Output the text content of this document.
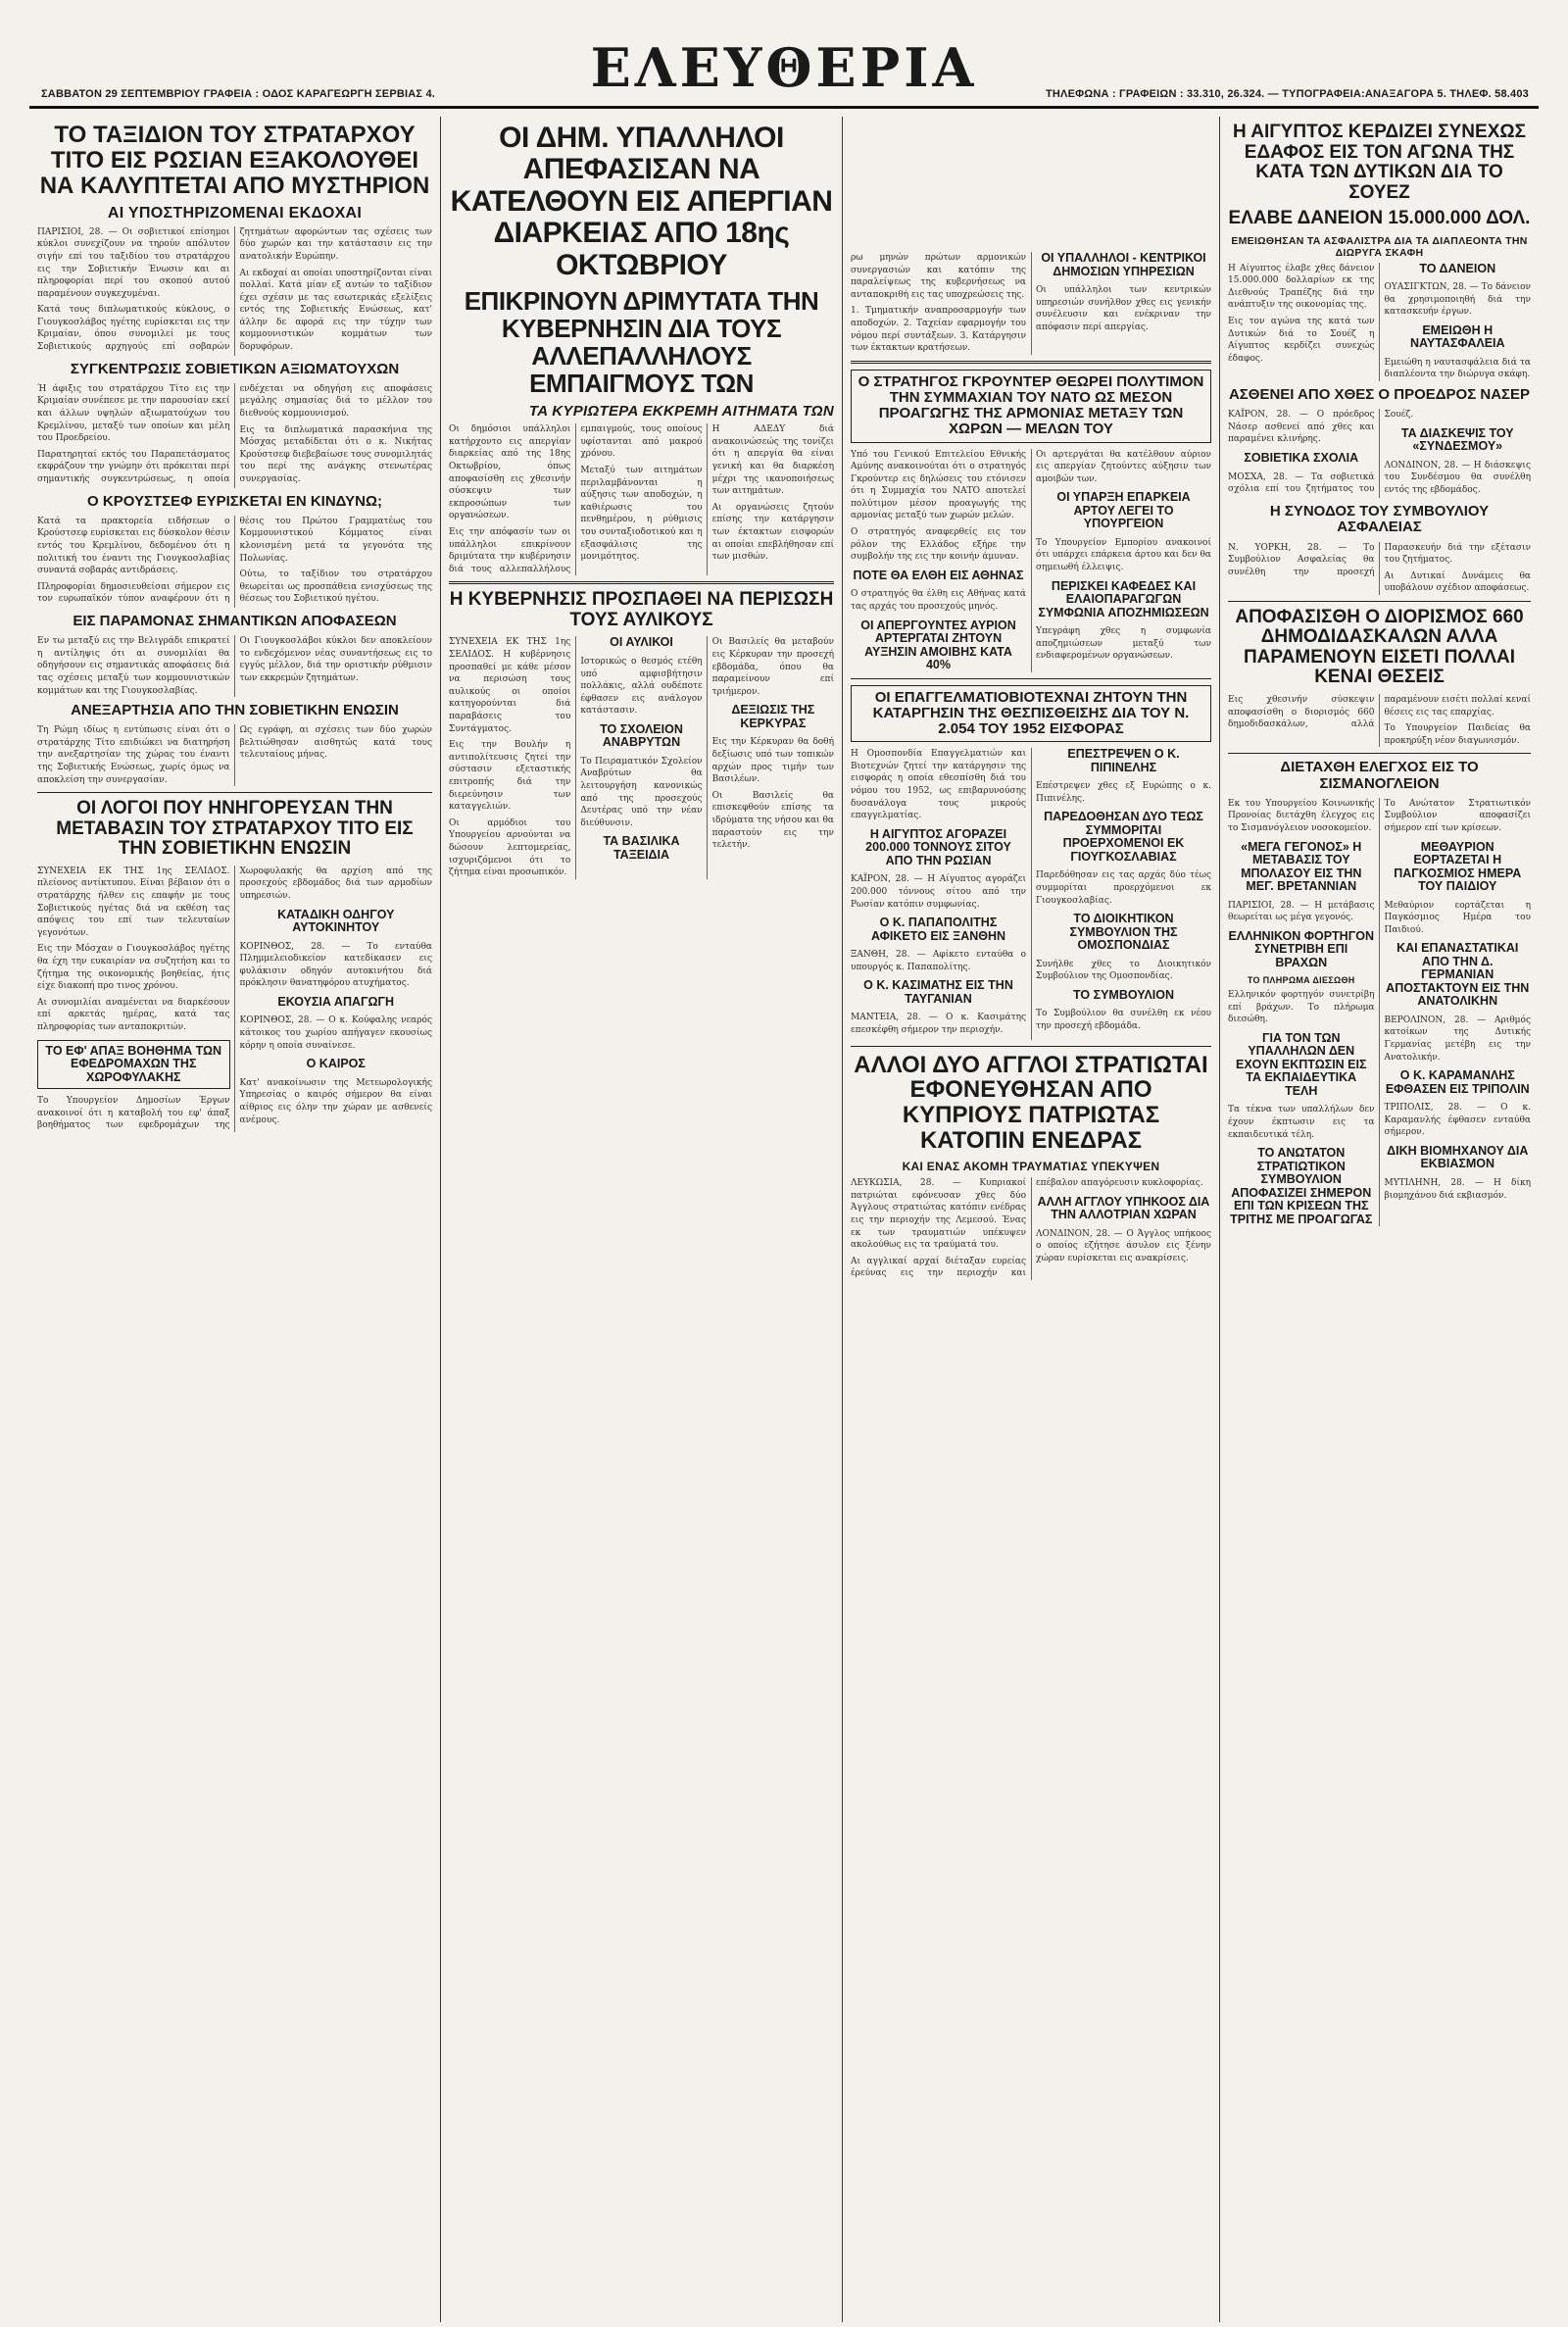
ΕΛΕΥΘΕΡΙΑ
ΣΑΒΒΑΤΟΝ 29 ΣΕΠΤΕΜΒΡΙΟΥ ΓΡΑΦΕΙΑ : ΟΔΟΣ ΚΑΡΑΓΕΩΡΓΗ ΣΕΡΒΙΑΣ 4.	ΤΗΛΕΦΩΝΑ : ΓΡΑΦΕΙΩΝ : 33.310, 26.324. — ΤΥΠΟΓΡΑΦΕΙΑ:ΑΝΑΞΑΓΟΡΑ 5. ΤΗΛΕΦ. 58.403
ΤΟ ΤΑΞΙΔΙΟΝ ΤΟΥ ΣΤΡΑΤΑΡΧΟΥ ΤΙΤΟ ΕΙΣ ΡΩΣΙΑΝ ΕΞΑΚΟΛΟΥΘΕΙ ΝΑ ΚΑΛΥΠΤΕΤΑΙ ΑΠΟ ΜΥΣΤΗΡΙΟΝ
ΑΙ ΥΠΟΣΤΗΡΙΖΟΜΕΝΑΙ ΕΚΔΟΧΑΙ

ΠΑΡΙΣΙΟΙ, 28. — Οι σοβιετικοί επίσημοι κύκλοι συνεχίζουν να τηρούν απόλυτον σιγήν επί του ταξιδίου του στρατάρχου εις την Σοβιετικήν Ένωσιν και αι πληροφορίαι περί του σκοπού αυτού παραμένουν συγκεχυμέναι.

Κατά τους διπλωματικούς κύκλους, ο Γιουγκοσλάβος ηγέτης ευρίσκεται εις την Κριμαίαν, όπου συνομιλεί με τους Σοβιετικούς αρχηγούς επί σοβαρών ζητημάτων αφορώντων τας σχέσεις των δύο χωρών και την κατάστασιν εις την ανατολικήν Ευρώπην.

Αι εκδοχαί αι οποίαι υποστηρίζονται είναι πολλαί. Κατά μίαν εξ αυτών το ταξίδιον έχει σχέσιν με τας εσωτερικάς εξελίξεις εντός της Σοβιετικής Ενώσεως, κατ' άλλην δε αφορά εις την τύχην των κομμουνιστικών κομμάτων των δορυφόρων.

ΣΥΓΚΕΝΤΡΩΣΙΣ ΣΟΒΙΕΤΙΚΩΝ ΑΞΙΩΜΑΤΟΥΧΩΝ

Ή άφιξις του στρατάρχου Τίτο εις την Κριμαίαν συνέπεσε με την παρουσίαν εκεί και άλλων υψηλών αξιωματούχων του Κρεμλίνου, μεταξύ των οποίων και μέλη του Προεδρείου.

Παρατηρηταί εκτός του Παραπετάσματος εκφράζουν την γνώμην ότι πρόκειται περί σημαντικής συγκεντρώσεως, η οποία ενδέχεται να οδηγήση εις αποφάσεις μεγάλης σημασίας διά το μέλλον του διεθνούς κομμουνισμού.

Εις τα διπλωματικά παρασκήνια της Μόσχας μεταδίδεται ότι ο κ. Νικήτας Κρούστσεφ διεβεβαίωσε τους συνομιλητάς του περί της ανάγκης στενωτέρας συνεργασίας.

Ο ΚΡΟΥΣΤΣΕΦ ΕΥΡΙΣΚΕΤΑΙ ΕΝ ΚΙΝΔΥΝΩ;

Κατά τα πρακτορεία ειδήσεων ο Κρούστσεφ ευρίσκεται εις δύσκολον θέσιν εντός του Κρεμλίνου, δεδομένου ότι η πολιτική του έναντι της Γιουγκοσλαβίας συναντά σοβαράς αντιδράσεις.

Πληροφορίαι δημοσιευθείσαι σήμερον εις τον ευρωπαϊκόν τύπον αναφέρουν ότι η θέσις του Πρώτου Γραμματέως του Κομμουνιστικού Κόμματος είναι κλονισμένη μετά τα γεγονότα της Πολωνίας.

Ούτω, το ταξίδιον του στρατάρχου θεωρείται ως προσπάθεια ενισχύσεως της θέσεως του Σοβιετικού ηγέτου.

ΕΙΣ ΠΑΡΑΜΟΝΑΣ ΣΗΜΑΝΤΙΚΩΝ ΑΠΟΦΑΣΕΩΝ

Εν τω μεταξύ εις την Βελιγράδι επικρατεί η αντίληψις ότι αι συνομιλίαι θα οδηγήσουν εις σημαντικάς αποφάσεις διά τας σχέσεις μεταξύ των κομμουνιστικών κομμάτων και της Γιουγκοσλαβίας.

Οι Γιουγκοσλάβοι κύκλοι δεν αποκλείουν το ενδεχόμενον νέας συναντήσεως εις το εγγύς μέλλον, διά την οριστικήν ρύθμισιν των εκκρεμών ζητημάτων.

ΑΝΕΞΑΡΤΗΣΙΑ ΑΠΟ ΤΗΝ ΣΟΒΙΕΤΙΚΗΝ ΕΝΩΣΙΝ

Τη Ρώμη ιδίως η εντύπωσις είναι ότι ο στρατάρχης Τίτο επιδιώκει να διατηρήση την ανεξαρτησίαν της χώρας του έναντι της Σοβιετικής Ενώσεως, χωρίς όμως να αποκλείση την συνεργασίαν.

Ως εγράφη, αι σχέσεις των δύο χωρών βελτιώθησαν αισθητώς κατά τους τελευταίους μήνας.

ΟΙ ΛΟΓΟΙ ΠΟΥ ΗΝΗΓΟΡΕΥΣΑΝ ΤΗΝ ΜΕΤΑΒΑΣΙΝ ΤΟΥ ΣΤΡΑΤΑΡΧΟΥ ΤΙΤΟ ΕΙΣ ΤΗΝ ΣΟΒΙΕΤΙΚΗΝ ΕΝΩΣΙΝ

ΣΥΝΕΧΕΙΑ ΕΚ ΤΗΣ 1ης ΣΕΛΙΔΟΣ. πλείονος αντίκτυπου. Είναι βέβαιον ότι ο στρατάρχης ήλθεν εις επαφήν με τους Σοβιετικούς ηγέτας διά να εκθέση τας απόψεις του επί των τελευταίων γεγονότων.

Εις την Μόσχαν ο Γιουγκοσλάβος ηγέτης θα έχη την ευκαιρίαν να συζητήση και το ζήτημα της οικονομικής βοηθείας, ήτις είχε διακοπή προ τινος χρόνου.

Αι συνομιλίαι αναμένεται να διαρκέσουν επί αρκετάς ημέρας, κατά τας πληροφορίας των ανταποκριτών.

ΤΟ ΕΦ' ΑΠΑΞ ΒΟΗΘΗΜΑ ΤΩΝ ΕΦΕΔΡΟΜΑΧΩΝ ΤΗΣ ΧΩΡΟΦΥΛΑΚΗΣ

Το Υπουργείον Δημοσίων Έργων ανακοινοί ότι η καταβολή του εφ' άπαξ βοηθήματος των εφεδρομάχων της Χωροφυλακής θα αρχίση από της προσεχούς εβδομάδος διά των αρμοδίων υπηρεσιών.

ΚΑΤΑΔΙΚΗ ΟΔΗΓΟΥ ΑΥΤΟΚΙΝΗΤΟΥ

ΚΟΡΙΝΘΟΣ, 28. — Το ενταύθα Πλημμελειοδικείον κατεδίκασεν εις φυλάκισιν οδηγόν αυτοκινήτου διά πρόκλησιν θανατηφόρου ατυχήματος.

ΕΚΟΥΣΙΑ ΑΠΑΓΩΓΗ

ΚΟΡΙΝΘΟΣ, 28. — Ο κ. Κούφαλης νεαρός κάτοικος του χωρίου απήγαγεν εκουσίως κόρην η οποία συναίνεσε.

Ο ΚΑΙΡΟΣ

Κατ' ανακοίνωσιν της Μετεωρολογικής Υπηρεσίας ο καιρός σήμερον θα είναι αίθριος εις όλην την χώραν με ασθενείς ανέμους.

ΟΙ ΔΗΜ. ΥΠΑΛΛΗΛΟΙ ΑΠΕΦΑΣΙΣΑΝ ΝΑ ΚΑΤΕΛΘΟΥΝ ΕΙΣ ΑΠΕΡΓΙΑΝ ΔΙΑΡΚΕΙΑΣ ΑΠΟ 18ης ΟΚΤΩΒΡΙΟΥ
ΕΠΙΚΡΙΝΟΥΝ ΔΡΙΜΥΤΑΤΑ ΤΗΝ ΚΥΒΕΡΝΗΣΙΝ ΔΙΑ ΤΟΥΣ ΑΛΛΕΠΑΛΛΗΛΟΥΣ ΕΜΠΑΙΓΜΟΥΣ ΤΩΝ
ΤΑ ΚΥΡΙΩΤΕΡΑ ΕΚΚΡΕΜΗ ΑΙΤΗΜΑΤΑ ΤΩΝ

Οι δημόσιοι υπάλληλοι κατήρχοντο εις απεργίαν διαρκείας από της 18ης Οκτωβρίου, όπως αποφασίσθη εις χθεσινήν σύσκεψιν των εκπροσώπων των οργανώσεων.

Εις την απόφασίν των οι υπάλληλοι επικρίνουν δριμύτατα την κυβέρνησιν διά τους αλλεπαλλήλους εμπαιγμούς, τους οποίους υφίστανται από μακρού χρόνου.

Μεταξύ των αιτημάτων περιλαμβάνονται η αύξησις των αποδοχών, η καθιέρωσις του πενθημέρου, η ρύθμισις του συνταξιοδοτικού και η εξασφάλισις της μονιμότητος.

Η ΑΔΕΔΥ διά ανακοινώσεώς της τονίζει ότι η απεργία θα είναι γενική και θα διαρκέση μέχρι της ικανοποιήσεως των αιτημάτων.

Αι οργανώσεις ζητούν επίσης την κατάργησιν των έκτακτων εισφορών αι οποίαι επεβλήθησαν επί των μισθών.

Η ΚΥΒΕΡΝΗΣΙΣ ΠΡΟΣΠΑΘΕΙ ΝΑ ΠΕΡΙΣΩΣΗ ΤΟΥΣ ΑΥΛΙΚΟΥΣ

ΣΥΝΕΧΕΙΑ ΕΚ ΤΗΣ 1ης ΣΕΛΙΔΟΣ. Η κυβέρνησις προσπαθεί με κάθε μέσον να περισώση τους αυλικούς οι οποίοι κατηγορούνται διά παραβάσεις του Συντάγματος.

Εις την Βουλήν η αντιπολίτευσις ζητεί την σύστασιν εξεταστικής επιτροπής διά την διερεύνησιν των καταγγελιών.

Οι αρμόδιοι του Υπουργείου αρνούνται να δώσουν λεπτομερείας, ισχυριζόμενοι ότι το ζήτημα είναι προσωπικόν.

ΟΙ ΑΥΛΙΚΟΙ

Ιστορικώς ο θεσμός ετέθη υπό αμφισβήτησιν πολλάκις, αλλά ουδέποτε έφθασεν εις ανάλογον κατάστασιν.

ΤΟ ΣΧΟΛΕΙΟΝ ΑΝΑΒΡΥΤΩΝ

Το Πειραματικόν Σχολείον Αναβρύτων θα λειτουργήση κανονικώς από της προσεχούς Δευτέρας υπό την νέαν διεύθυνσιν.

ΤΑ ΒΑΣΙΛΙΚΑ ΤΑΞΕΙΔΙΑ

Οι Βασιλείς θα μεταβούν εις Κέρκυραν την προσεχή εβδομάδα, όπου θα παραμείνουν επί τριήμερον.

ΔΕΞΙΩΣΙΣ ΤΗΣ ΚΕΡΚΥΡΑΣ

Εις την Κέρκυραν θα δοθή δεξίωσις υπό των τοπικών αρχών προς τιμήν των Βασιλέων.

Οι Βασιλείς θα επισκεφθούν επίσης τα ιδρύματα της νήσου και θα παραστούν εις την τελετήν.

ρω μηνών πρώτων αρμονικών συνεργασιών και κατόπιν της παραλείψεως της κυβερνήσεως να ανταποκριθή εις τας υποχρεώσεις της.

1. Τμηματικήν αναπροσαρμογήν των αποδοχών. 2. Ταχείαν εφαρμογήν του νόμου περί συντάξεων. 3. Κατάργησιν των έκτακτων κρατήσεων.

ΟΙ ΥΠΑΛΛΗΛΟΙ - ΚΕΝΤΡΙΚΟΙ ΔΗΜΟΣΙΩΝ ΥΠΗΡΕΣΙΩΝ

Οι υπάλληλοι των κεντρικών υπηρεσιών συνήλθον χθες εις γενικήν συνέλευσιν και ενέκριναν την απόφασιν περί απεργίας.

Ο ΣΤΡΑΤΗΓΟΣ ΓΚΡΟΥΝΤΕΡ ΘΕΩΡΕΙ ΠΟΛΥΤΙΜΟΝ ΤΗΝ ΣΥΜΜΑΧΙΑΝ ΤΟΥ ΝΑΤΟ ΩΣ ΜΕΣΟΝ ΠΡΟΑΓΩΓΗΣ ΤΗΣ ΑΡΜΟΝΙΑΣ ΜΕΤΑΞΥ ΤΩΝ ΧΩΡΩΝ — ΜΕΛΩΝ ΤΟΥ

Υπό του Γενικού Επιτελείου Εθνικής Αμύνης ανακοινούται ότι ο στρατηγός Γκρούντερ εις δηλώσεις του ετόνισεν ότι η Συμμαχία του ΝΑΤΟ αποτελεί πολύτιμον μέσον προαγωγής της αρμονίας μεταξύ των χωρών μελών.

Ο στρατηγός αναφερθείς εις τον ρόλον της Ελλάδος εξήρε την συμβολήν της εις την κοινήν άμυναν.

ΠΟΤΕ ΘΑ ΕΛΘΗ ΕΙΣ ΑΘΗΝΑΣ

Ο στρατηγός θα έλθη εις Αθήνας κατά τας αρχάς του προσεχούς μηνός.

ΟΙ ΑΠΕΡΓΟΥΝΤΕΣ ΑΥΡΙΟΝ ΑΡΤΕΡΓΑΤΑΙ ΖΗΤΟΥΝ ΑΥΞΗΣΙΝ ΑΜΟΙΒΗΣ ΚΑΤΑ 40%

Οι αρτεργάται θα κατέλθουν αύριον εις απεργίαν ζητούντες αύξησιν των αμοιβών των.

ΟΙ ΥΠΑΡΞΗ ΕΠΑΡΚΕΙΑ ΑΡΤΟΥ ΛΕΓΕΙ ΤΟ ΥΠΟΥΡΓΕΙΟΝ

Το Υπουργείον Εμπορίου ανακοινοί ότι υπάρχει επάρκεια άρτου και δεν θα σημειωθή έλλειψις.

ΠΕΡΙΣΚΕΙ ΚΑΦΕΔΕΣ ΚΑΙ ΕΛΑΙΟΠΑΡΑΓΩΓΩΝ ΣΥΜΦΩΝΙΑ ΑΠΟΖΗΜΙΩΣΕΩΝ

Υπεγράφη χθες η συμφωνία αποζημιώσεων μεταξύ των ενδιαφερομένων οργανώσεων.

ΟΙ ΕΠΑΓΓΕΛΜΑΤΙΟΒΙΟΤΕΧΝΑΙ ΖΗΤΟΥΝ ΤΗΝ ΚΑΤΑΡΓΗΣΙΝ ΤΗΣ ΘΕΣΠΙΣΘΕΙΣΗΣ ΔΙΑ ΤΟΥ Ν. 2.054 ΤΟΥ 1952 ΕΙΣΦΟΡΑΣ

Η Ομοσπονδία Επαγγελματιών και Βιοτεχνών ζητεί την κατάργησιν της εισφοράς η οποία εθεσπίσθη διά του νόμου του 1952, ως επιβαρυνούσης δυσανάλογα τους μικρούς επαγγελματίας.

Η ΑΙΓΥΠΤΟΣ ΑΓΟΡΑΖΕΙ 200.000 ΤΟΝΝΟΥΣ ΣΙΤΟΥ ΑΠΟ ΤΗΝ ΡΩΣΙΑΝ

ΚΑΪΡΟΝ, 28. — Η Αίγυπτος αγοράζει 200.000 τόννους σίτου από την Ρωσίαν κατόπιν συμφωνίας.

Ο Κ. ΠΑΠΑΠΟΛΙΤΗΣ ΑΦΙΚΕΤΟ ΕΙΣ ΞΑΝΘΗΝ

ΞΑΝΘΗ, 28. — Αφίκετο ενταύθα ο υπουργός κ. Παπαπολίτης.

Ο Κ. ΚΑΣΙΜΑΤΗΣ ΕΙΣ ΤΗΝ ΤΑΥΓΑΝΙΑΝ

ΜΑΝΤΕΙΑ, 28. — Ο κ. Κασιμάτης επεσκέφθη σήμερον την περιοχήν.

ΕΠΕΣΤΡΕΨΕΝ Ο Κ. ΠΙΠΙΝΕΛΗΣ

Επέστρεψεν χθες εξ Ευρώπης ο κ. Πιπινέλης.

ΠΑΡΕΔΟΘΗΣΑΝ ΔΥΟ ΤΕΩΣ ΣΥΜΜΟΡΙΤΑΙ ΠΡΟΕΡΧΟΜΕΝΟΙ ΕΚ ΓΙΟΥΓΚΟΣΛΑΒΙΑΣ

Παρεδόθησαν εις τας αρχάς δύο τέως συμμορίται προερχόμενοι εκ Γιουγκοσλαβίας.

ΤΟ ΔΙΟΙΚΗΤΙΚΟΝ ΣΥΜΒΟΥΛΙΟΝ ΤΗΣ ΟΜΟΣΠΟΝΔΙΑΣ

Συνήλθε χθες το Διοικητικόν Συμβούλιον της Ομοσπονδίας.

ΤΟ ΣΥΜΒΟΥΛΙΟΝ

Το Συμβούλιον θα συνέλθη εκ νέου την προσεχή εβδομάδα.

ΑΛΛΟΙ ΔΥΟ ΑΓΓΛΟΙ ΣΤΡΑΤΙΩΤΑΙ ΕΦΟΝΕΥΘΗΣΑΝ ΑΠΟ ΚΥΠΡΙΟΥΣ ΠΑΤΡΙΩΤΑΣ ΚΑΤΟΠΙΝ ΕΝΕΔΡΑΣ
ΚΑΙ ΕΝΑΣ ΑΚΟΜΗ ΤΡΑΥΜΑΤΙΑΣ ΥΠΕΚΥΨΕΝ

ΛΕΥΚΩΣΙΑ, 28. — Κυπριακοί πατριώται εφόνευσαν χθες δύο Άγγλους στρατιώτας κατόπιν ενέδρας εις την περιοχήν της Λεμεσού. Ένας εκ των τραυματιών υπέκυψεν ακολούθως εις τα τραύματά του.

Αι αγγλικαί αρχαί διέταξαν ευρείας έρεύνας εις την περιοχήν και επέβαλον απαγόρευσιν κυκλοφορίας.

ΑΛΛΗ ΑΓΓΛΟΥ ΥΠΗΚΟΟΣ ΔΙΑ ΤΗΝ ΑΛΛΟΤΡΙΑΝ ΧΩΡΑΝ

ΛΟΝΔΙΝΟΝ, 28. — Ο Άγγλος υπήκοος ο οποίος εζήτησε άσυλον εις ξένην χώραν ευρίσκεται εις ανακρίσεις.

Η ΑΙΓΥΠΤΟΣ ΚΕΡΔΙΖΕΙ ΣΥΝΕΧΩΣ ΕΔΑΦΟΣ ΕΙΣ ΤΟΝ ΑΓΩΝΑ ΤΗΣ ΚΑΤΑ ΤΩΝ ΔΥΤΙΚΩΝ ΔΙΑ ΤΟ ΣΟΥΕΖ
ΕΛΑΒΕ ΔΑΝΕΙΟΝ 15.000.000 ΔΟΛ.
ΕΜΕΙΩΘΗΣΑΝ ΤΑ ΑΣΦΑΛΙΣΤΡΑ ΔΙΑ ΤΑ ΔΙΑΠΛΕΟΝΤΑ ΤΗΝ ΔΙΩΡΥΓΑ ΣΚΑΦΗ

Η Αίγυπτος έλαβε χθες δάνειον 15.000.000 δολλαρίων εκ της Διεθνούς Τραπέζης διά την ανάπτυξιν της οικονομίας της.

Εις τον αγώνα της κατά των Δυτικών διά το Σουέζ η Αίγυπτος κερδίζει συνεχώς έδαφος.

ΤΟ ΔΑΝΕΙΟΝ

ΟΥΑΣΙΓΚΤΩΝ, 28. — Το δάνειον θα χρησιμοποιηθή διά την κατασκευήν έργων.

ΕΜΕΙΩΘΗ Η ΝΑΥΤΑΣΦΑΛΕΙΑ

Εμειώθη η ναυτασφάλεια διά τα διαπλέοντα την διώρυγα σκάφη.

ΑΣΘΕΝΕΙ ΑΠΟ ΧΘΕΣ Ο ΠΡΟΕΔΡΟΣ ΝΑΣΕΡ

ΚΑΪΡΟΝ, 28. — Ο πρόεδρος Νάσερ ασθενεί από χθες και παραμένει κλινήρης.

ΣΟΒΙΕΤΙΚΑ ΣΧΟΛΙΑ

ΜΟΣΧΑ, 28. — Τα σοβιετικά σχόλια επί του ζητήματος του Σουέζ.

ΤΑ ΔΙΑΣΚΕΨΙΣ ΤΟΥ «ΣΥΝΔΕΣΜΟΥ»

ΛΟΝΔΙΝΟΝ, 28. — Η διάσκεψις του Συνδέσμου θα συνέλθη εντός της εβδομάδος.

Η ΣΥΝΟΔΟΣ ΤΟΥ ΣΥΜΒΟΥΛΙΟΥ ΑΣΦΑΛΕΙΑΣ

Ν. ΥΟΡΚΗ, 28. — Το Συμβούλιον Ασφαλείας θα συνέλθη την προσεχή Παρασκευήν διά την εξέτασιν του ζητήματος.

Αι Δυτικαί Δυνάμεις θα υποβάλουν σχέδιον αποφάσεως.

ΑΠΟΦΑΣΙΣΘΗ Ο ΔΙΟΡΙΣΜΟΣ 660 ΔΗΜΟΔΙΔΑΣΚΑΛΩΝ ΑΛΛΑ ΠΑΡΑΜΕΝΟΥΝ ΕΙΣΕΤΙ ΠΟΛΛΑΙ ΚΕΝΑΙ ΘΕΣΕΙΣ

Εις χθεσινήν σύσκεψιν αποφασίσθη ο διορισμός 660 δημοδιδασκάλων, αλλά παραμένουν εισέτι πολλαί κεναί θέσεις εις τας επαρχίας.

Το Υπουργείον Παιδείας θα προκηρύξη νέον διαγωνισμόν.

ΔΙΕΤΑΧΘΗ ΕΛΕΓΧΟΣ ΕΙΣ ΤΟ ΣΙΣΜΑΝΟΓΛΕΙΟΝ

Εκ του Υπουργείου Κοινωνικής Προνοίας διετάχθη έλεγχος εις το Σισμανόγλειον νοσοκομείον.

«ΜΕΓΑ ΓΕΓΟΝΟΣ» Η ΜΕΤΑΒΑΣΙΣ ΤΟΥ ΜΠΟΛΑΣΟΥ ΕΙΣ ΤΗΝ ΜΕΓ. ΒΡΕΤΑΝΝΙΑΝ

ΠΑΡΙΣΙΟΙ, 28. — Η μετάβασις θεωρείται ως μέγα γεγονός.

ΕΛΛΗΝΙΚΟΝ ΦΟΡΤΗΓΟΝ ΣΥΝΕΤΡΙΒΗ ΕΠΙ ΒΡΑΧΩΝ
ΤΟ ΠΛΗΡΩΜΑ ΔΙΕΣΩΘΗ

Ελληνικόν φορτηγόν συνετρίβη επί βράχων. Το πλήρωμα διεσώθη.

ΓΙΑ ΤΟΝ ΤΩΝ ΥΠΑΛΛΗΛΩΝ ΔΕΝ ΕΧΟΥΝ ΕΚΠΤΩΣΙΝ ΕΙΣ ΤΑ ΕΚΠΑΙΔΕΥΤΙΚΑ ΤΕΛΗ

Τα τέκνα των υπαλλήλων δεν έχουν έκπτωσιν εις τα εκπαιδευτικά τέλη.

ΤΟ ΑΝΩΤΑΤΟΝ ΣΤΡΑΤΙΩΤΙΚΟΝ ΣΥΜΒΟΥΛΙΟΝ ΑΠΟΦΑΣΙΖΕΙ ΣΗΜΕΡΟΝ ΕΠΙ ΤΩΝ ΚΡΙΣΕΩΝ ΤΗΣ ΤΡΙΤΗΣ ΜΕ ΠΡΟΑΓΩΓΑΣ

Το Ανώτατον Στρατιωτικόν Συμβούλιον αποφασίζει σήμερον επί των κρίσεων.

ΜΕΘΑΥΡΙΟΝ ΕΟΡΤΑΖΕΤΑΙ Η ΠΑΓΚΟΣΜΙΟΣ ΗΜΕΡΑ ΤΟΥ ΠΑΙΔΙΟΥ

Μεθαύριον εορτάζεται η Παγκόσμιος Ημέρα του Παιδιού.

ΚΑΙ ΕΠΑΝΑΣΤΑΤΙΚΑΙ ΑΠΟ ΤΗΝ Δ. ΓΕΡΜΑΝΙΑΝ ΑΠΟΣΤΑΚΤΟΥΝ ΕΙΣ ΤΗΝ ΑΝΑΤΟΛΙΚΗΝ

ΒΕΡΟΛΙΝΟΝ, 28. — Αριθμός κατοίκων της Δυτικής Γερμανίας μετέβη εις την Ανατολικήν.

Ο Κ. ΚΑΡΑΜΑΝΛΗΣ ΕΦΘΑΣΕΝ ΕΙΣ ΤΡΙΠΟΛΙΝ

ΤΡΙΠΟΛΙΣ, 28. — Ο κ. Καραμανλής έφθασεν ενταύθα σήμερον.

ΔΙΚΗ ΒΙΟΜΗΧΑΝΟΥ ΔΙΑ ΕΚΒΙΑΣΜΟΝ

ΜΥΤΙΛΗΝΗ, 28. — Η δίκη βιομηχάνου διά εκβιασμόν.
